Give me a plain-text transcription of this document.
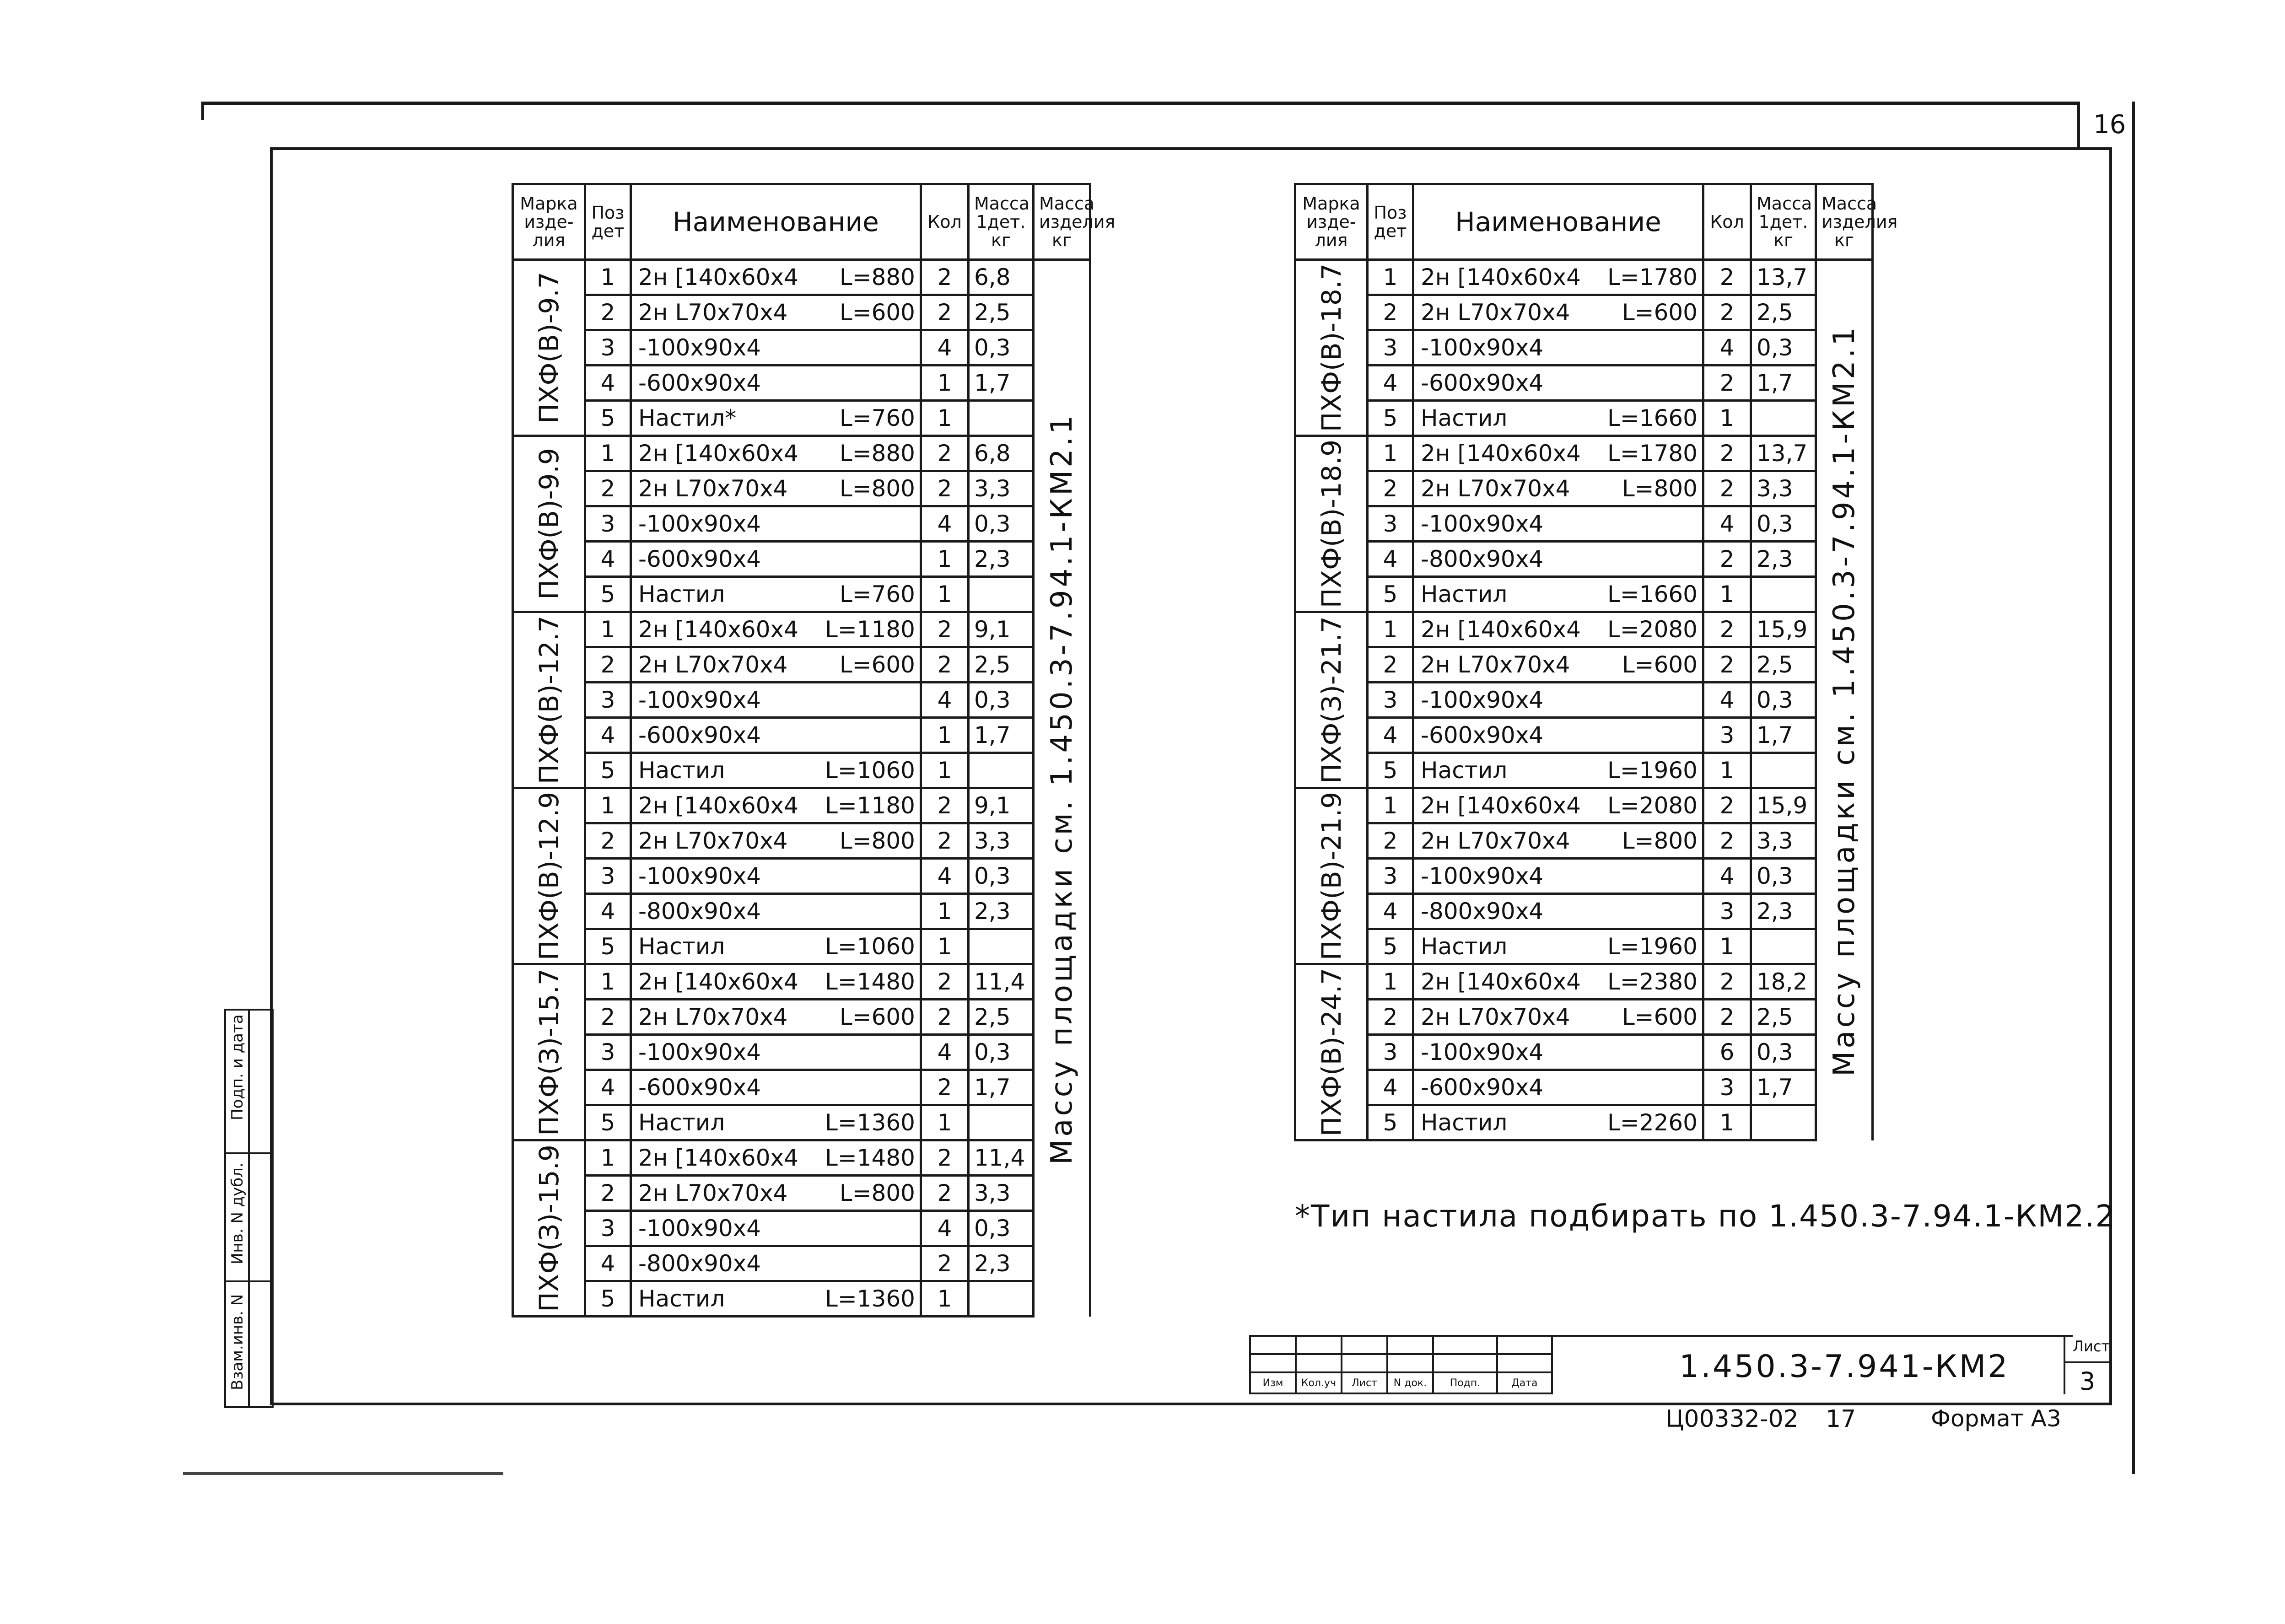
16
Подп. и дата
Инв. N дубл.
Взам.инв. N
Марка изде- лия	Поз дет	Наименование	Кол	Масса 1дет. кг	Масса изделия кг

ПХФ(В)-9.7	1	2н [140х60х4 L=880	2	6,8	Массу площадки см. 1.450.3-7.94.1-КМ2.1

	2	2н L70х70х4 L=600	2	2,5	
	3	-100х90х4	4	0,3	
	4	-600х90х4	1	1,7	
	5	Настил* L=760	1		

ПХФ(В)-9.9	1	2н [140х60х4 L=880	2	6,8	
	2	2н L70х70х4 L=800	2	3,3	
	3	-100х90х4	4	0,3	
	4	-600х90х4	1	2,3	
	5	Настил L=760	1		

ПХФ(В)-12.7	1	2н [140х60х4 L=1180	2	9,1	
	2	2н L70х70х4 L=600	2	2,5	
	3	-100х90х4	4	0,3	
	4	-600х90х4	1	1,7	
	5	Настил L=1060	1		

ПХФ(В)-12.9	1	2н [140х60х4 L=1180	2	9,1	
	2	2н L70х70х4 L=800	2	3,3	
	3	-100х90х4	4	0,3	
	4	-800х90х4	1	2,3	
	5	Настил L=1060	1		

ПХФ(З)-15.7	1	2н [140х60х4 L=1480	2	11,4	
	2	2н L70х70х4 L=600	2	2,5	
	3	-100х90х4	4	0,3	
	4	-600х90х4	2	1,7	
	5	Настил L=1360	1		

ПХФ(З)-15.9	1	2н [140х60х4 L=1480	2	11,4	
	2	2н L70х70х4 L=800	2	3,3	
	3	-100х90х4	4	0,3	
	4	-800х90х4	2	2,3	
	5	Настил L=1360	1		
Марка изде- лия	Поз дет	Наименование	Кол	Масса 1дет. кг	Масса изделия кг

ПХФ(В)-18.7	1	2н [140х60х4 L=1780	2	13,7	Массу площадки см. 1.450.3-7.94.1-КМ2.1

	2	2н L70х70х4 L=600	2	2,5	
	3	-100х90х4	4	0,3	
	4	-600х90х4	2	1,7	
	5	Настил L=1660	1		

ПХФ(В)-18.9	1	2н [140х60х4 L=1780	2	13,7	
	2	2н L70х70х4 L=800	2	3,3	
	3	-100х90х4	4	0,3	
	4	-800х90х4	2	2,3	
	5	Настил L=1660	1		

ПХФ(З)-21.7	1	2н [140х60х4 L=2080	2	15,9	
	2	2н L70х70х4 L=600	2	2,5	
	3	-100х90х4	4	0,3	
	4	-600х90х4	3	1,7	
	5	Настил L=1960	1		

ПХФ(В)-21.9	1	2н [140х60х4 L=2080	2	15,9	
	2	2н L70х70х4 L=800	2	3,3	
	3	-100х90х4	4	0,3	
	4	-800х90х4	3	2,3	
	5	Настил L=1960	1		

ПХФ(В)-24.7	1	2н [140х60х4 L=2380	2	18,2	
	2	2н L70х70х4 L=600	2	2,5	
	3	-100х90х4	6	0,3	
	4	-600х90х4	3	1,7	
	5	Настил L=2260	1		
*Тип настила подбирать по 1.450.3-7.94.1-КМ2.2

Изм	Кол.уч	Лист	N док.	Подп.	Дата	1.450.3-7.941-КМ2
Лист
3
Ц00332-02 17	Формат А3
